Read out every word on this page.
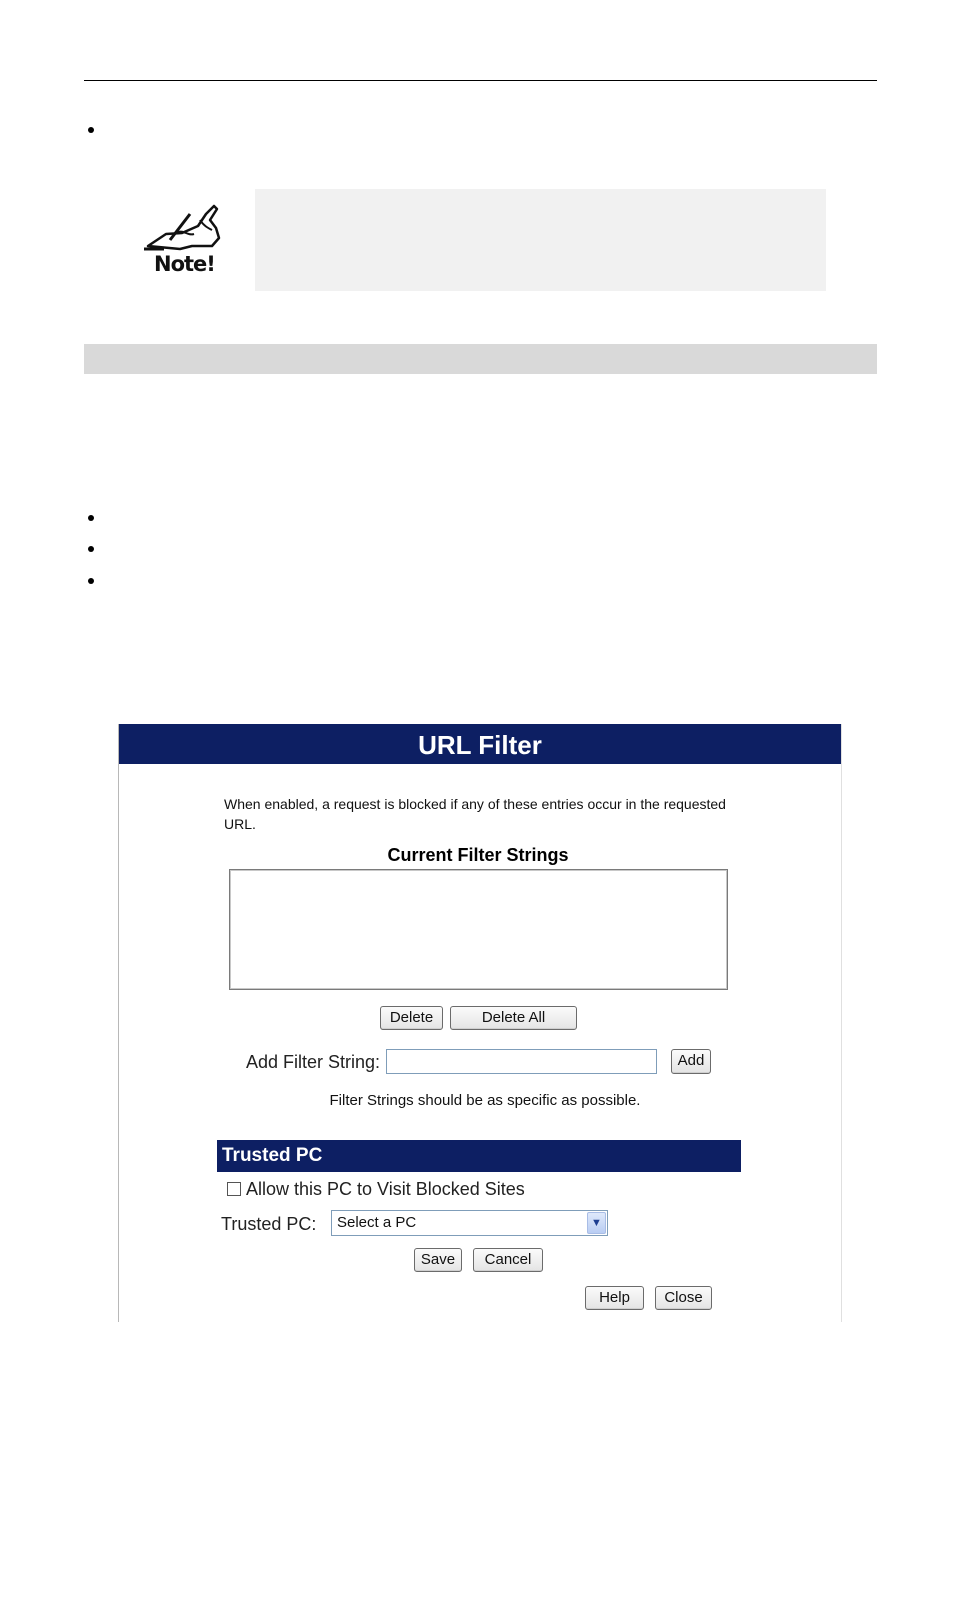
Note!
URL Filter
When enabled, a request is blocked if any of these entries occur in the requested URL.
Current Filter Strings
Delete	Delete All
Add Filter String:	Add
Filter Strings should be as specific as possible.
Trusted PC
Allow this PC to Visit Blocked Sites
Trusted PC: Select a PC	▼
Save	Cancel
Help	Close
